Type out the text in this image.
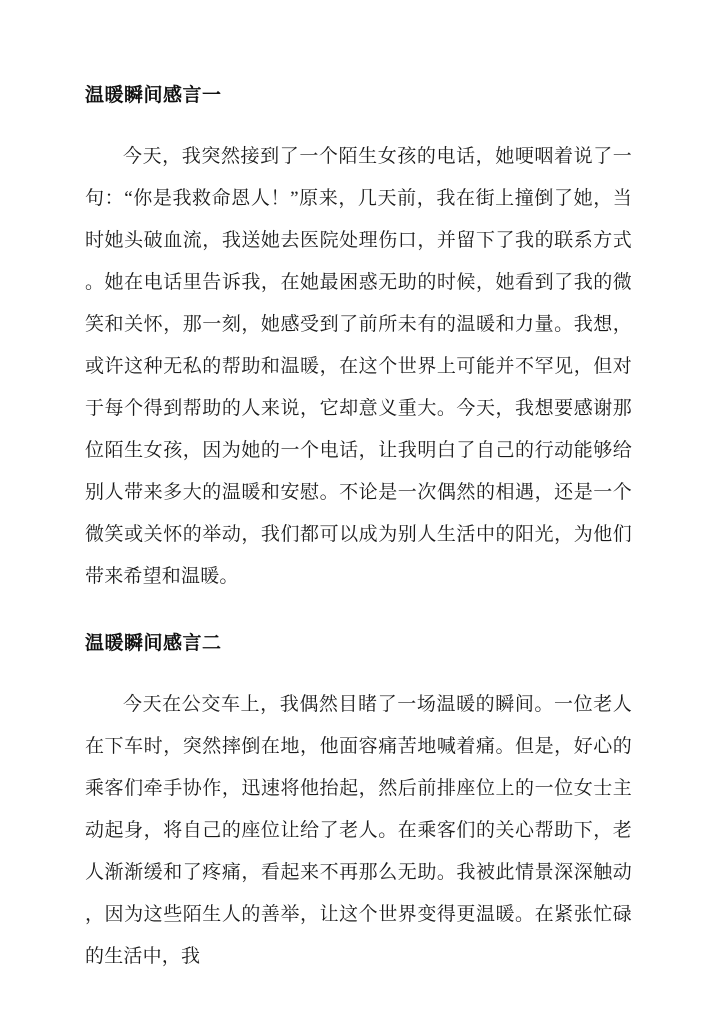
温暖瞬间感言一

今天，我突然接到了一个陌生女孩的电话，她哽咽着说了一句：“你是我救命恩人！”原来，几天前，我在街上撞倒了她，当时她头破血流，我送她去医院处理伤口，并留下了我的联系方式。她在电话里告诉我，在她最困惑无助的时候，她看到了我的微笑和关怀，那一刻，她感受到了前所未有的温暖和力量。我想，或许这种无私的帮助和温暖，在这个世界上可能并不罕见，但对于每个得到帮助的人来说，它却意义重大。今天，我想要感谢那位陌生女孩，因为她的一个电话，让我明白了自己的行动能够给别人带来多大的温暖和安慰。不论是一次偶然的相遇，还是一个微笑或关怀的举动，我们都可以成为别人生活中的阳光，为他们带来希望和温暖。

温暖瞬间感言二

今天在公交车上，我偶然目睹了一场温暖的瞬间。一位老人在下车时，突然摔倒在地，他面容痛苦地喊着痛。但是，好心的乘客们牵手协作，迅速将他抬起，然后前排座位上的一位女士主动起身，将自己的座位让给了老人。在乘客们的关心帮助下，老人渐渐缓和了疼痛，看起来不再那么无助。我被此情景深深触动，因为这些陌生人的善举，让这个世界变得更温暖。在紧张忙碌的生活中，我
